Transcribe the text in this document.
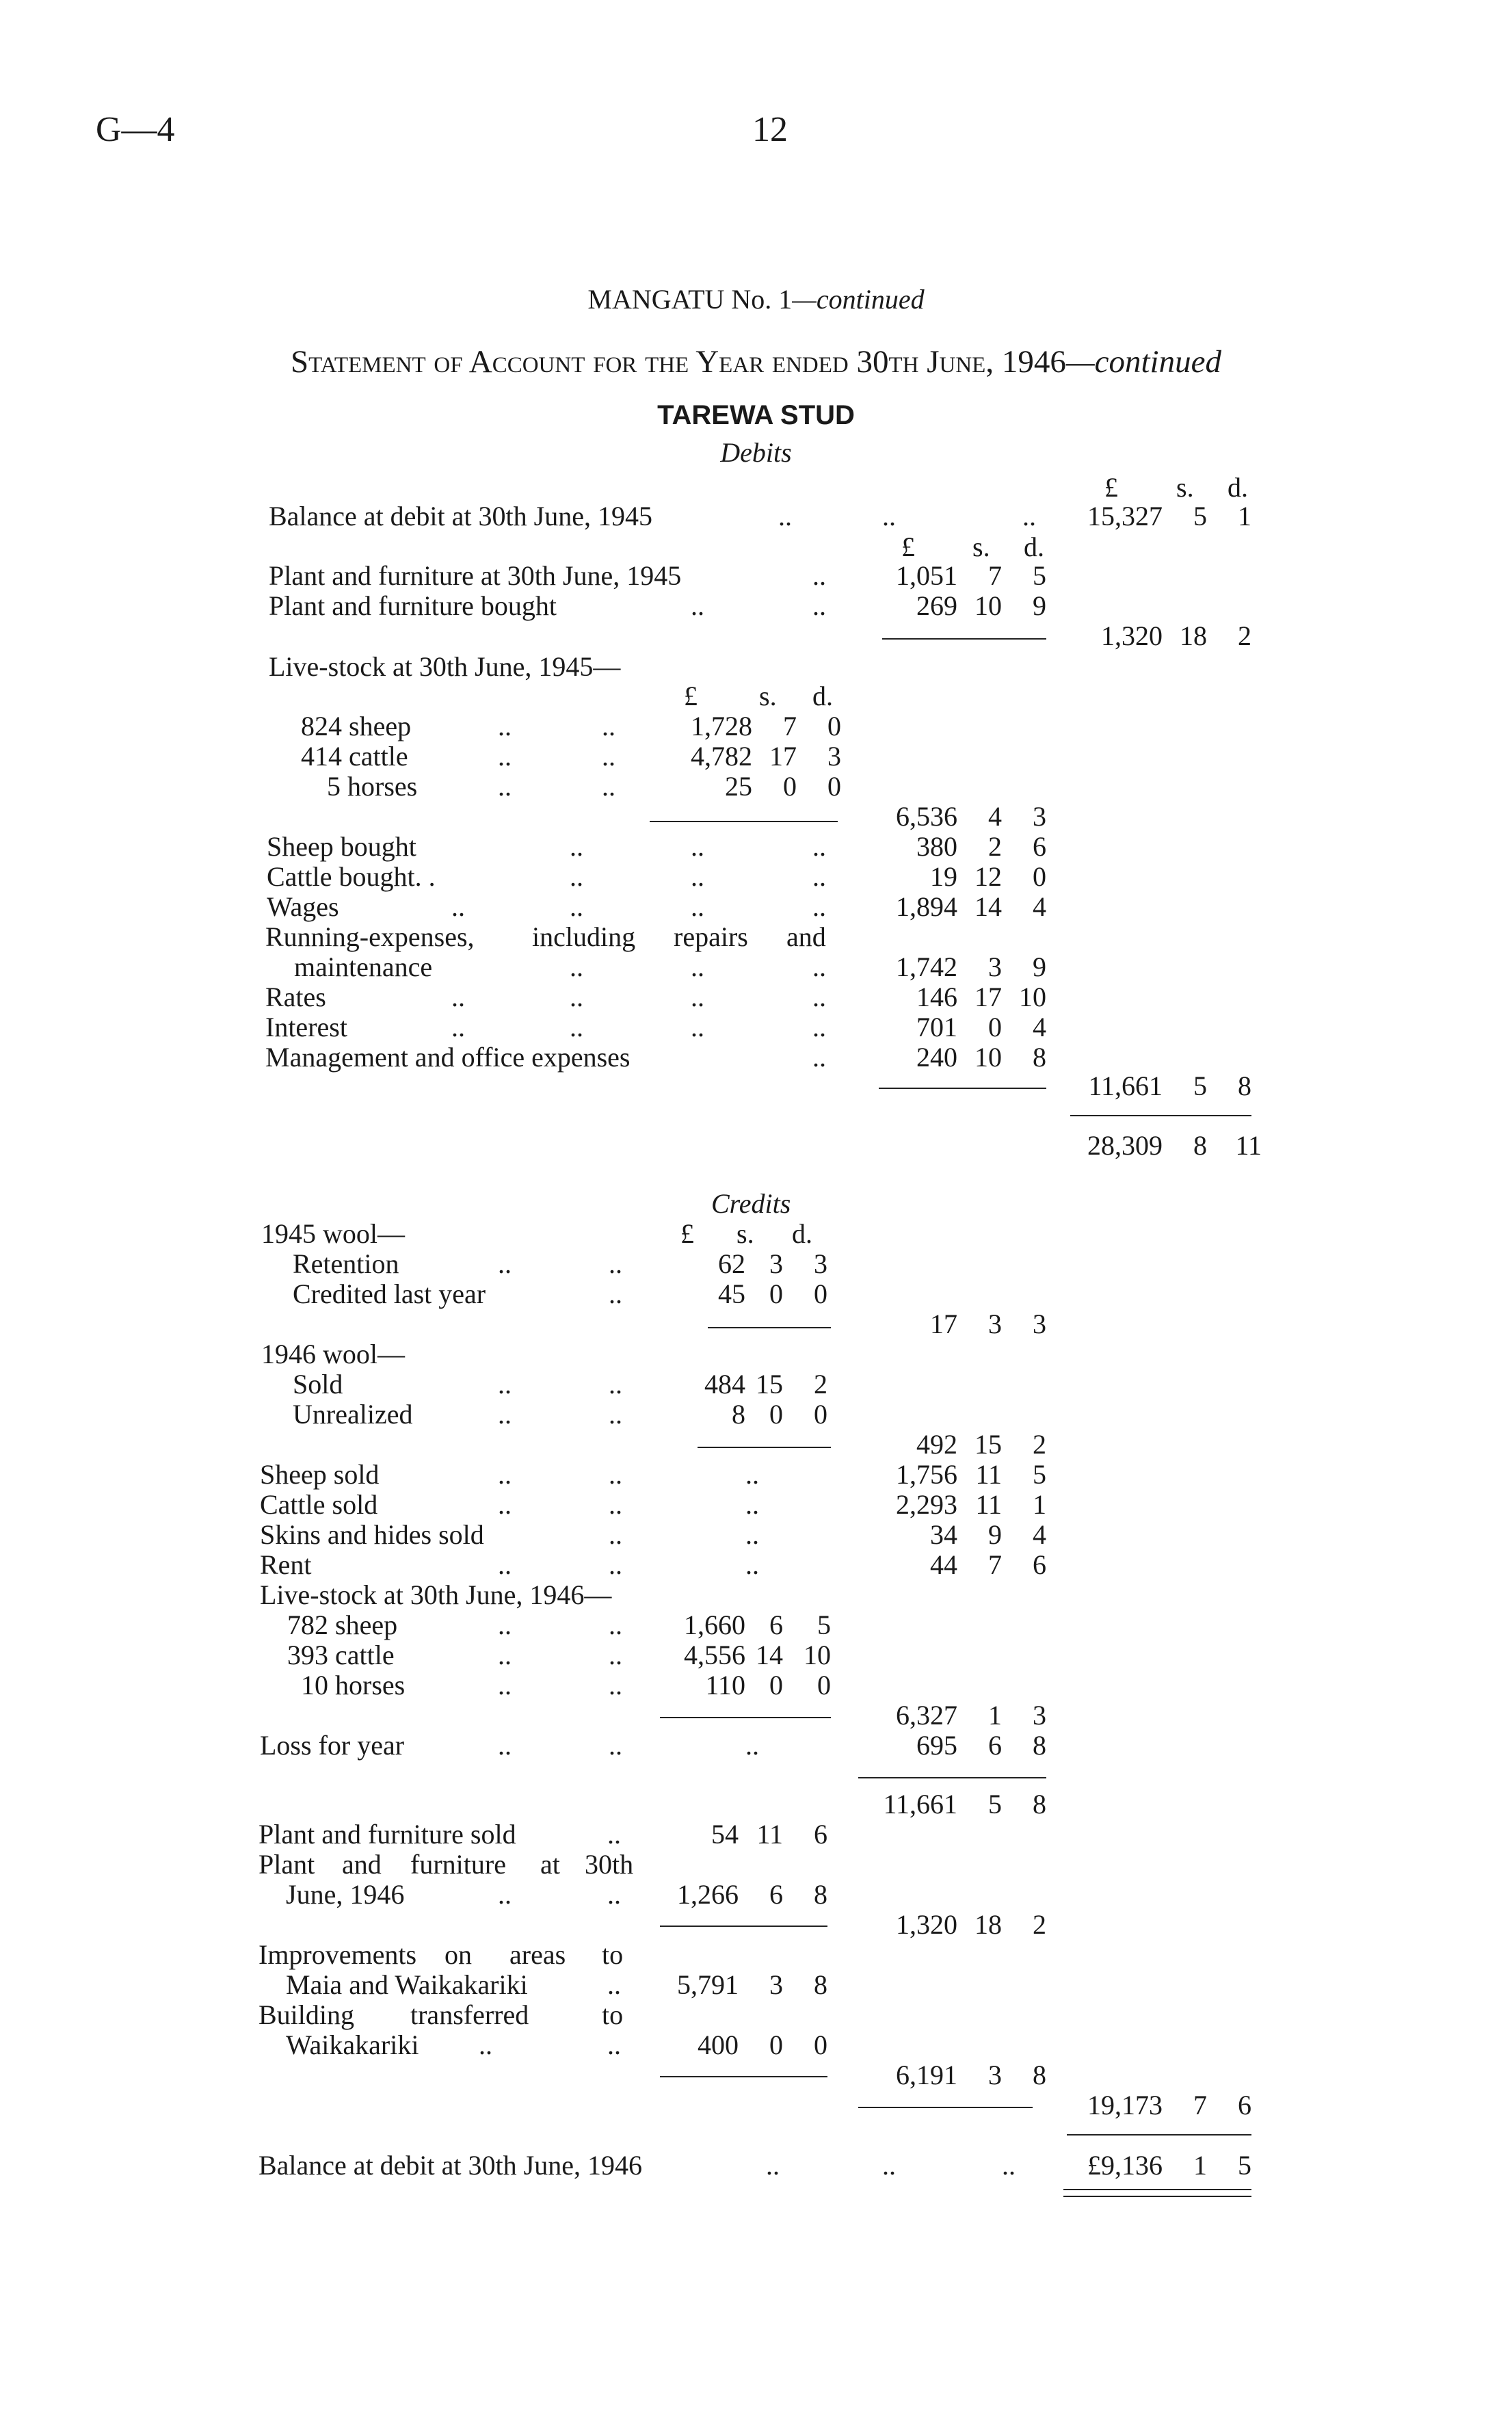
G—4	12
MANGATU No. 1—continued
Statement of Account for the Year ended 30th June, 1946—continued
TAREWA STUD
Debits
£ s. d.
Balance at debit at 30th June, 1945	..	..	..	15,327	5	1
£ s. d.
Plant and furniture at 30th June, 1945	..	1,051	7	5
Plant and furniture bought	..	..	269 10	9
1,320 18	2
Live-stock at 30th June, 1945—
£ s. d.
824 sheep	..	..	1,728	7	0
414 cattle	..	..	4,782 17	3
5 horses	..	..	25	0	0
6,536	4	3
Sheep bought	..	..	..	380	2	6
Cattle bought. .	..	..	..	19 12	0
Wages	..	..	..	..	1,894 14	4
Running-expenses, including repairs and
maintenance	..	..	..	1,742	3	9
Rates	..	..	..	..	146 17 10
Interest	..	..	..	..	701	0	4
Management and office expenses	..	240 10	8
11,661	5	8
28,309	8	11
Credits
1945 wool—	£ s. d.
Retention	..	..	62 3	3
Credited last year	..	45 0	0
17	3	3
1946 wool—
Sold	..	..	484 15	2
Unrealized	..	..	8 0	0
492 15	2
Sheep sold	..	..	..	1,756 11	5
Cattle sold	..	..	..	2,293 11	1
Skins and hides sold	..	..	34	9	4
Rent	..	..	..	44	7	6
Live-stock at 30th June, 1946—
782 sheep	..	..	1,660 6	5
393 cattle	..	..	4,556 14 10
10 horses	..	..	110 0	0
6,327	1	3
Loss for year	..	..	..	695	6	8
11,661	5	8
Plant and furniture sold	..	54 11	6
Plant and furniture at 30th
June, 1946	..	..	1,266	6	8
1,320 18	2
Improvements on areas to
Maia and Waikakariki	..	5,791	3	8
Building transferred	to
Waikakariki ..	..	400	0	0
6,191	3	8
19,173	7	6
Balance at debit at 30th June, 1946	..	..	..	£9,136	1	5
